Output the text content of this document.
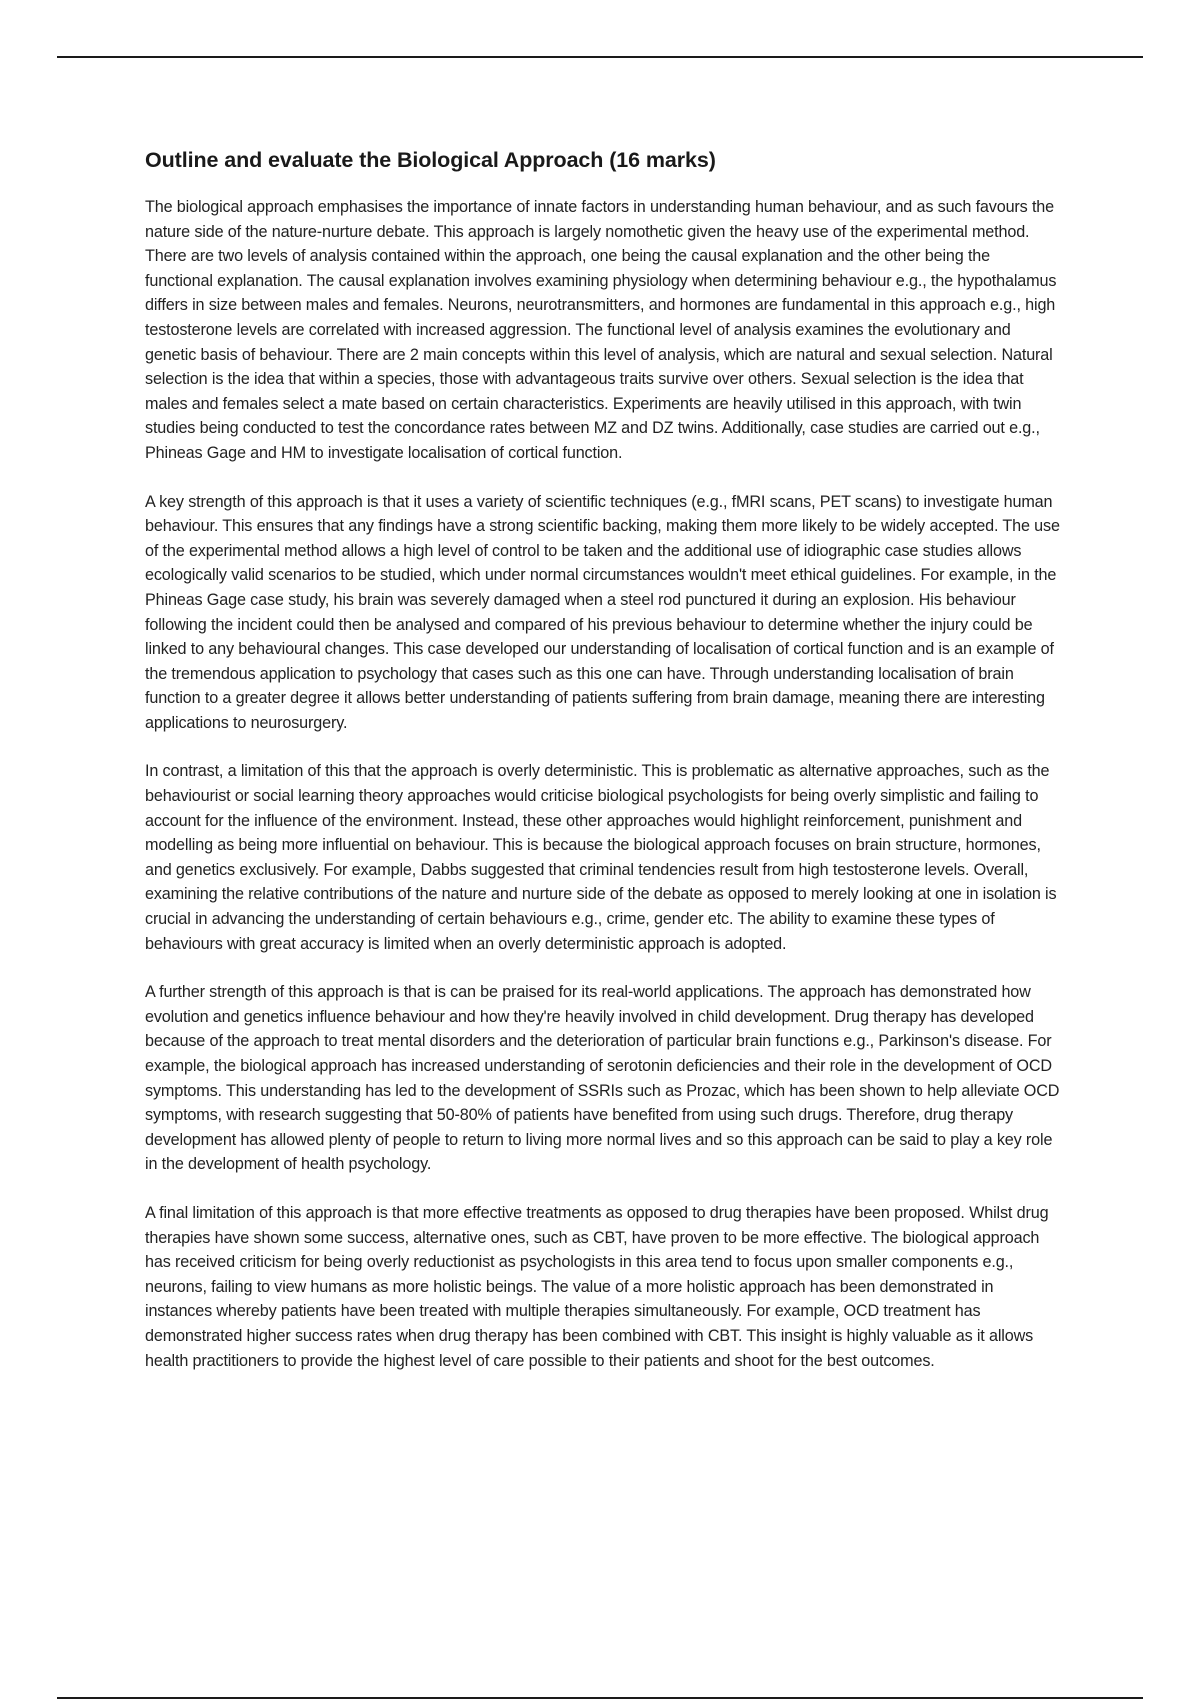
Outline and evaluate the Biological Approach (16 marks)

The biological approach emphasises the importance of innate factors in understanding human behaviour, and as such favours the nature side of the nature-nurture debate. This approach is largely nomothetic given the heavy use of the experimental method. There are two levels of analysis contained within the approach, one being the causal explanation and the other being the functional explanation. The causal explanation involves examining physiology when determining behaviour e.g., the hypothalamus differs in size between males and females. Neurons, neurotransmitters, and hormones are fundamental in this approach e.g., high testosterone levels are correlated with increased aggression. The functional level of analysis examines the evolutionary and genetic basis of behaviour. There are 2 main concepts within this level of analysis, which are natural and sexual selection. Natural selection is the idea that within a species, those with advantageous traits survive over others. Sexual selection is the idea that males and females select a mate based on certain characteristics. Experiments are heavily utilised in this approach, with twin studies being conducted to test the concordance rates between MZ and DZ twins. Additionally, case studies are carried out e.g., Phineas Gage and HM to investigate localisation of cortical function.

A key strength of this approach is that it uses a variety of scientific techniques (e.g., fMRI scans, PET scans) to investigate human behaviour. This ensures that any findings have a strong scientific backing, making them more likely to be widely accepted. The use of the experimental method allows a high level of control to be taken and the additional use of idiographic case studies allows ecologically valid scenarios to be studied, which under normal circumstances wouldn't meet ethical guidelines. For example, in the Phineas Gage case study, his brain was severely damaged when a steel rod punctured it during an explosion. His behaviour following the incident could then be analysed and compared of his previous behaviour to determine whether the injury could be linked to any behavioural changes. This case developed our understanding of localisation of cortical function and is an example of the tremendous application to psychology that cases such as this one can have. Through understanding localisation of brain function to a greater degree it allows better understanding of patients suffering from brain damage, meaning there are interesting applications to neurosurgery.

In contrast, a limitation of this that the approach is overly deterministic. This is problematic as alternative approaches, such as the behaviourist or social learning theory approaches would criticise biological psychologists for being overly simplistic and failing to account for the influence of the environment. Instead, these other approaches would highlight reinforcement, punishment and modelling as being more influential on behaviour. This is because the biological approach focuses on brain structure, hormones, and genetics exclusively. For example, Dabbs suggested that criminal tendencies result from high testosterone levels. Overall, examining the relative contributions of the nature and nurture side of the debate as opposed to merely looking at one in isolation is crucial in advancing the understanding of certain behaviours e.g., crime, gender etc. The ability to examine these types of behaviours with great accuracy is limited when an overly deterministic approach is adopted.

A further strength of this approach is that is can be praised for its real-world applications. The approach has demonstrated how evolution and genetics influence behaviour and how they're heavily involved in child development. Drug therapy has developed because of the approach to treat mental disorders and the deterioration of particular brain functions e.g., Parkinson's disease. For example, the biological approach has increased understanding of serotonin deficiencies and their role in the development of OCD symptoms. This understanding has led to the development of SSRIs such as Prozac, which has been shown to help alleviate OCD symptoms, with research suggesting that 50-80% of patients have benefited from using such drugs. Therefore, drug therapy development has allowed plenty of people to return to living more normal lives and so this approach can be said to play a key role in the development of health psychology.

A final limitation of this approach is that more effective treatments as opposed to drug therapies have been proposed. Whilst drug therapies have shown some success, alternative ones, such as CBT, have proven to be more effective. The biological approach has received criticism for being overly reductionist as psychologists in this area tend to focus upon smaller components e.g., neurons, failing to view humans as more holistic beings. The value of a more holistic approach has been demonstrated in instances whereby patients have been treated with multiple therapies simultaneously. For example, OCD treatment has demonstrated higher success rates when drug therapy has been combined with CBT. This insight is highly valuable as it allows health practitioners to provide the highest level of care possible to their patients and shoot for the best outcomes.
